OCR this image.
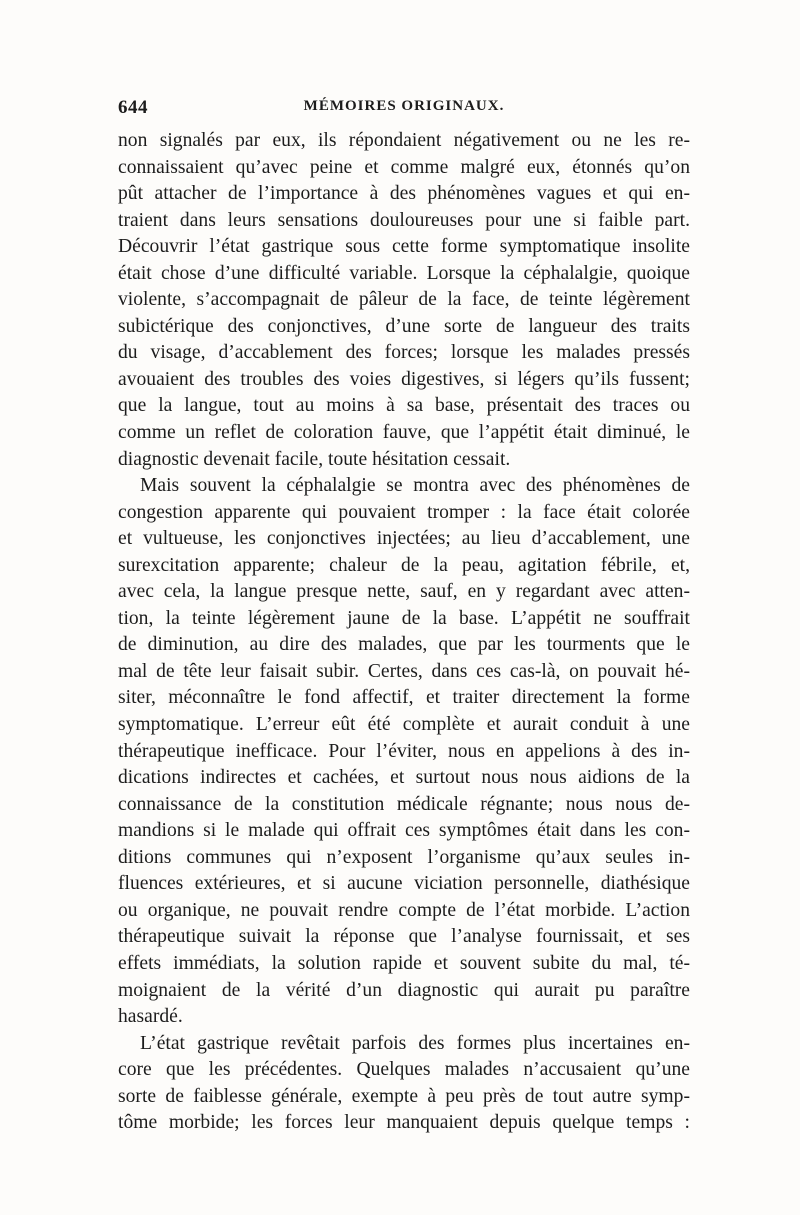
644	MÉMOIRES ORIGINAUX.

non signalés par eux, ils répondaient négativement ou ne les re-
connaissaient qu’avec peine et comme malgré eux, étonnés qu’on
pût attacher de l’importance à des phénomènes vagues et qui en-
traient dans leurs sensations douloureuses pour une si faible part.
Découvrir l’état gastrique sous cette forme symptomatique insolite
était chose d’une difficulté variable. Lorsque la céphalalgie, quoique
violente, s’accompagnait de pâleur de la face, de teinte légèrement
subictérique des conjonctives, d’une sorte de langueur des traits
du visage, d’accablement des forces; lorsque les malades pressés
avouaient des troubles des voies digestives, si légers qu’ils fussent;
que la langue, tout au moins à sa base, présentait des traces ou
comme un reflet de coloration fauve, que l’appétit était diminué, le
diagnostic devenait facile, toute hésitation cessait.

Mais souvent la céphalalgie se montra avec des phénomènes de
congestion apparente qui pouvaient tromper : la face était colorée
et vultueuse, les conjonctives injectées; au lieu d’accablement, une
surexcitation apparente; chaleur de la peau, agitation fébrile, et,
avec cela, la langue presque nette, sauf, en y regardant avec atten-
tion, la teinte légèrement jaune de la base. L’appétit ne souffrait
de diminution, au dire des malades, que par les tourments que le
mal de tête leur faisait subir. Certes, dans ces cas-là, on pouvait hé-
siter, méconnaître le fond affectif, et traiter directement la forme
symptomatique. L’erreur eût été complète et aurait conduit à une
thérapeutique inefficace. Pour l’éviter, nous en appelions à des in-
dications indirectes et cachées, et surtout nous nous aidions de la
connaissance de la constitution médicale régnante; nous nous de-
mandions si le malade qui offrait ces symptômes était dans les con-
ditions communes qui n’exposent l’organisme qu’aux seules in-
fluences extérieures, et si aucune viciation personnelle, diathésique
ou organique, ne pouvait rendre compte de l’état morbide. L’action
thérapeutique suivait la réponse que l’analyse fournissait, et ses
effets immédiats, la solution rapide et souvent subite du mal, té-
moignaient de la vérité d’un diagnostic qui aurait pu paraître
hasardé.

L’état gastrique revêtait parfois des formes plus incertaines en-
core que les précédentes. Quelques malades n’accusaient qu’une
sorte de faiblesse générale, exempte à peu près de tout autre symp-
tôme morbide; les forces leur manquaient depuis quelque temps :
